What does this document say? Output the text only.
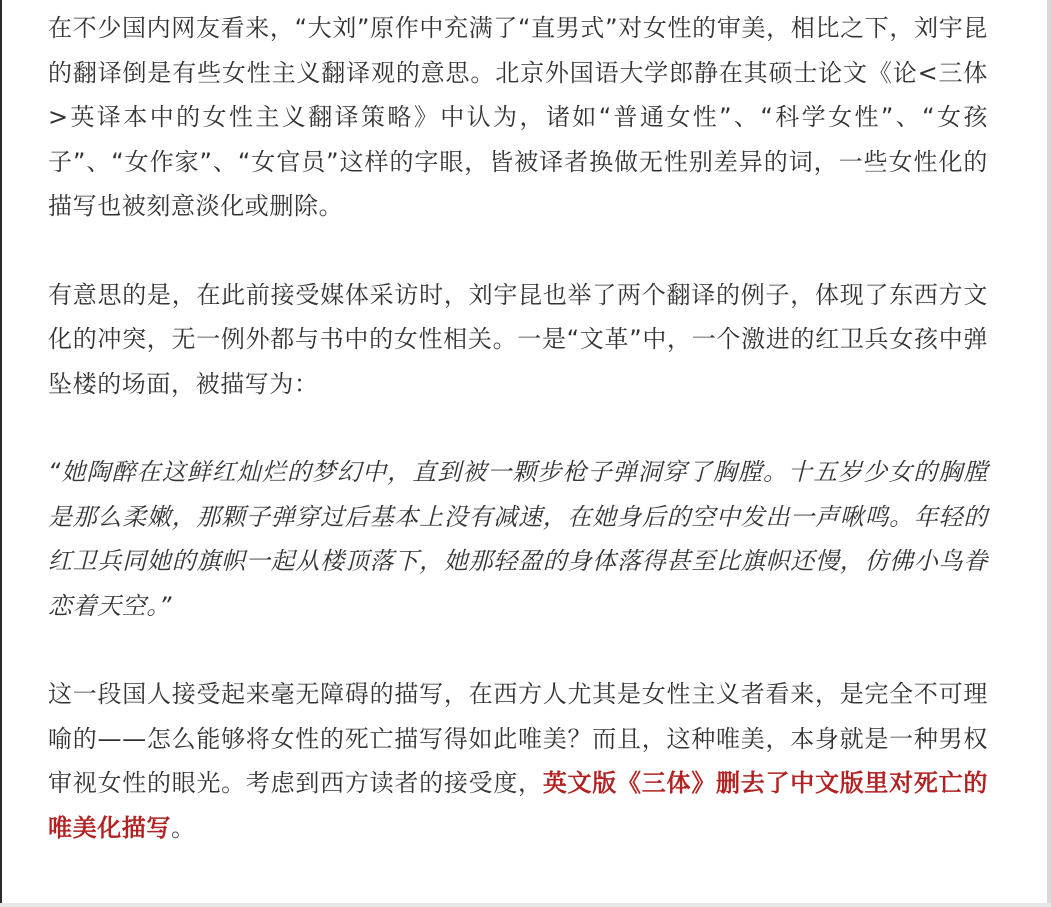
在不少国内网友看来，“大刘”原作中充满了“直男式”对女性的审美，相比之下，刘宇昆的翻译倒是有些女性主义翻译观的意思。北京外国语大学郎静在其硕士论文《论<三体>英译本中的女性主义翻译策略》中认为，诸如“普通女性”、“科学女性”、“女孩子”、“女作家”、“女官员”这样的字眼，皆被译者换做无性别差异的词，一些女性化的描写也被刻意淡化或删除。

有意思的是，在此前接受媒体采访时，刘宇昆也举了两个翻译的例子，体现了东西方文化的冲突，无一例外都与书中的女性相关。一是“文革”中，一个激进的红卫兵女孩中弹坠楼的场面，被描写为：

“她陶醉在这鲜红灿烂的梦幻中，直到被一颗步枪子弹洞穿了胸膛。十五岁少女的胸膛是那么柔嫩，那颗子弹穿过后基本上没有减速，在她身后的空中发出一声啾鸣。年轻的红卫兵同她的旗帜一起从楼顶落下，她那轻盈的身体落得甚至比旗帜还慢，仿佛小鸟眷恋着天空。”

这一段国人接受起来毫无障碍的描写，在西方人尤其是女性主义者看来，是完全不可理喻的——怎么能够将女性的死亡描写得如此唯美？而且，这种唯美，本身就是一种男权审视女性的眼光。考虑到西方读者的接受度，英文版《三体》删去了中文版里对死亡的唯美化描写。
